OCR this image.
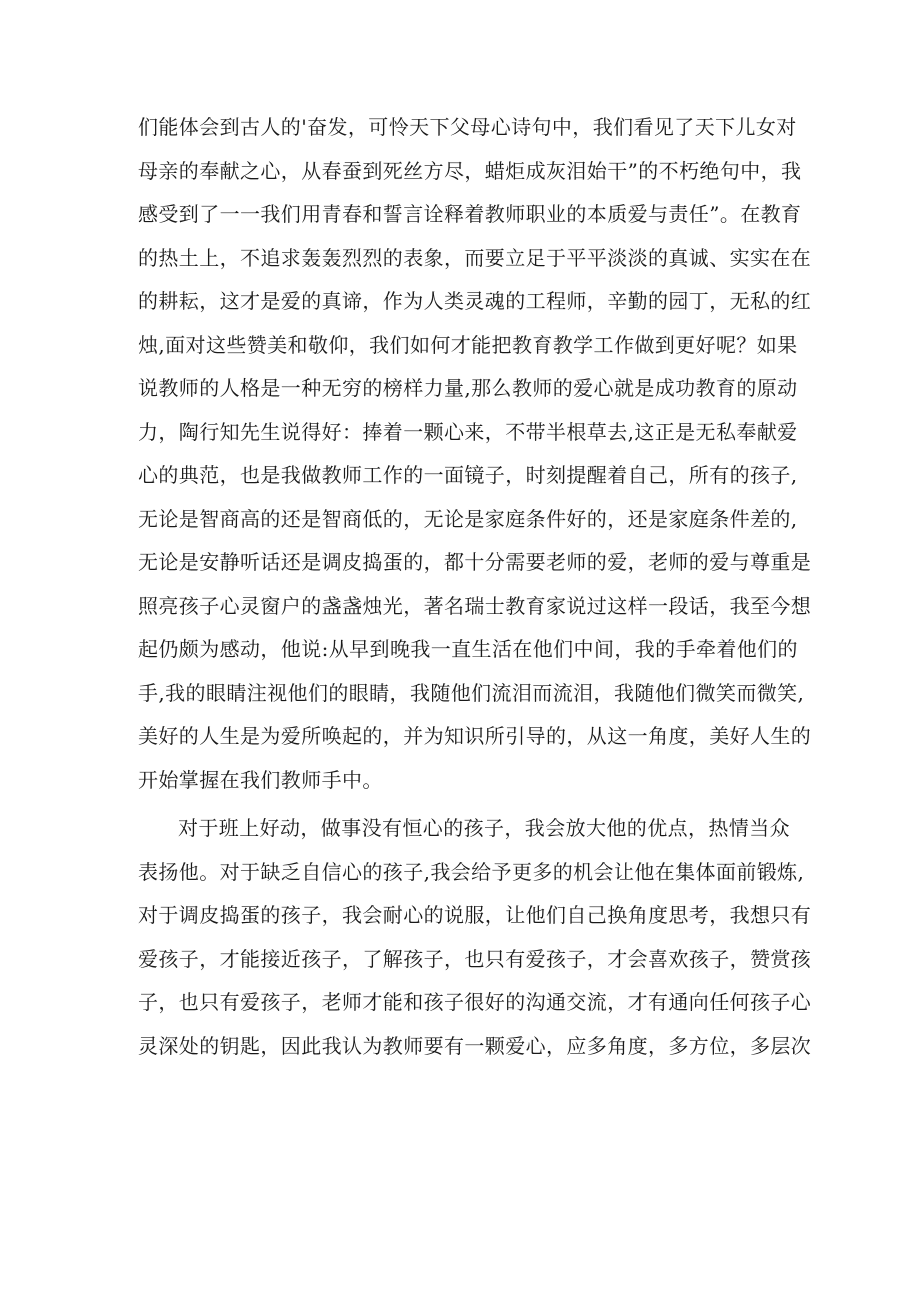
们能体会到古人的'奋发，可怜天下父母心诗句中，我们看见了天下儿女对
母亲的奉献之心，从春蚕到死丝方尽，蜡炬成灰泪始干”的不朽绝句中，我
感受到了一一我们用青春和誓言诠释着教师职业的本质爱与责任”。在教育
的热土上，不追求轰轰烈烈的表象，而要立足于平平淡淡的真诚、实实在在
的耕耘，这才是爱的真谛，作为人类灵魂的工程师，辛勤的园丁，无私的红
烛,面对这些赞美和敬仰，我们如何才能把教育教学工作做到更好呢？如果
说教师的人格是一种无穷的榜样力量,那么教师的爱心就是成功教育的原动
力，陶行知先生说得好：捧着一颗心来，不带半根草去,这正是无私奉献爱
心的典范，也是我做教师工作的一面镜子，时刻提醒着自己，所有的孩子,
无论是智商高的还是智商低的，无论是家庭条件好的，还是家庭条件差的,
无论是安静听话还是调皮捣蛋的，都十分需要老师的爱，老师的爱与尊重是
照亮孩子心灵窗户的盏盏烛光，著名瑞士教育家说过这样一段话，我至今想
起仍颇为感动，他说:从早到晚我一直生活在他们中间，我的手牵着他们的
手,我的眼睛注视他们的眼睛，我随他们流泪而流泪，我随他们微笑而微笑,
美好的人生是为爱所唤起的，并为知识所引导的，从这一角度，美好人生的
开始掌握在我们教师手中。
对于班上好动，做事没有恒心的孩子，我会放大他的优点，热情当众
表扬他。对于缺乏自信心的孩子,我会给予更多的机会让他在集体面前锻炼,
对于调皮捣蛋的孩子，我会耐心的说服，让他们自己换角度思考，我想只有
爱孩子，才能接近孩子，了解孩子，也只有爱孩子，才会喜欢孩子，赞赏孩
子，也只有爱孩子，老师才能和孩子很好的沟通交流，才有通向任何孩子心
灵深处的钥匙，因此我认为教师要有一颗爱心，应多角度，多方位，多层次
